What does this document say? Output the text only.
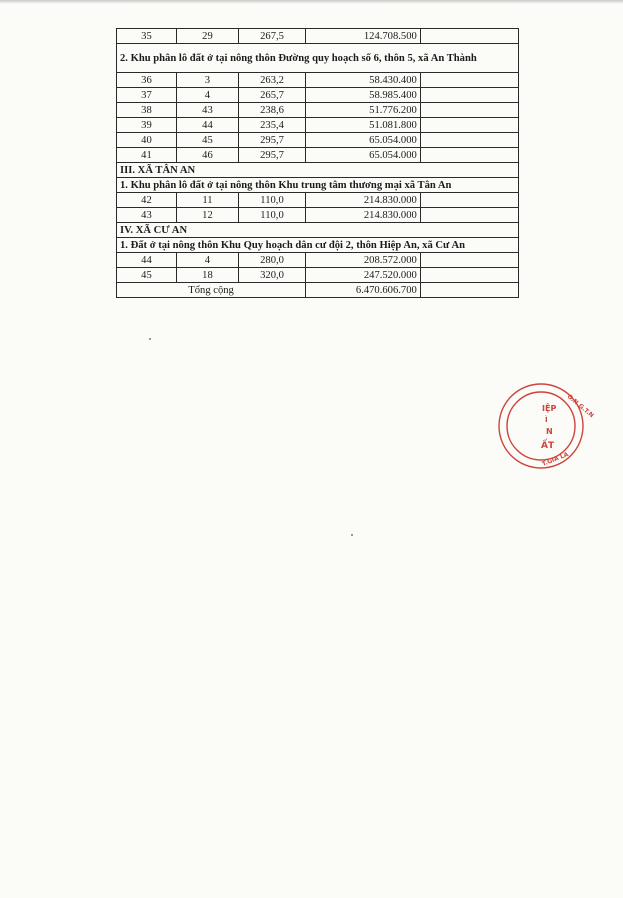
35	29	267,5	124.708.500	
2. Khu phân lô đất ở tại nông thôn Đường quy hoạch số 6, thôn 5, xã An Thành				
36	3	263,2	58.430.400	
37	4	265,7	58.985.400	
38	43	238,6	51.776.200	
39	44	235,4	51.081.800	
40	45	295,7	65.054.000	
41	46	295,7	65.054.000	
III. XÃ TÂN AN				
1. Khu phân lô đất ở tại nông thôn Khu trung tâm thương mại xã Tân An				
42	11	110,0	214.830.000	
43	12	110,0	214.830.000	
IV. XÃ CƯ AN				
1. Đất ở tại nông thôn Khu Quy hoạch dân cư đội 2, thôn Hiệp An, xã Cư An				
44	4	280,0	208.572.000	
45	18	320,0	247.520.000	
Tổng cộng			6.470.606.700	
O.N.G.T.N
IỆP
Ì
N
ẤT
T.GIA LA
